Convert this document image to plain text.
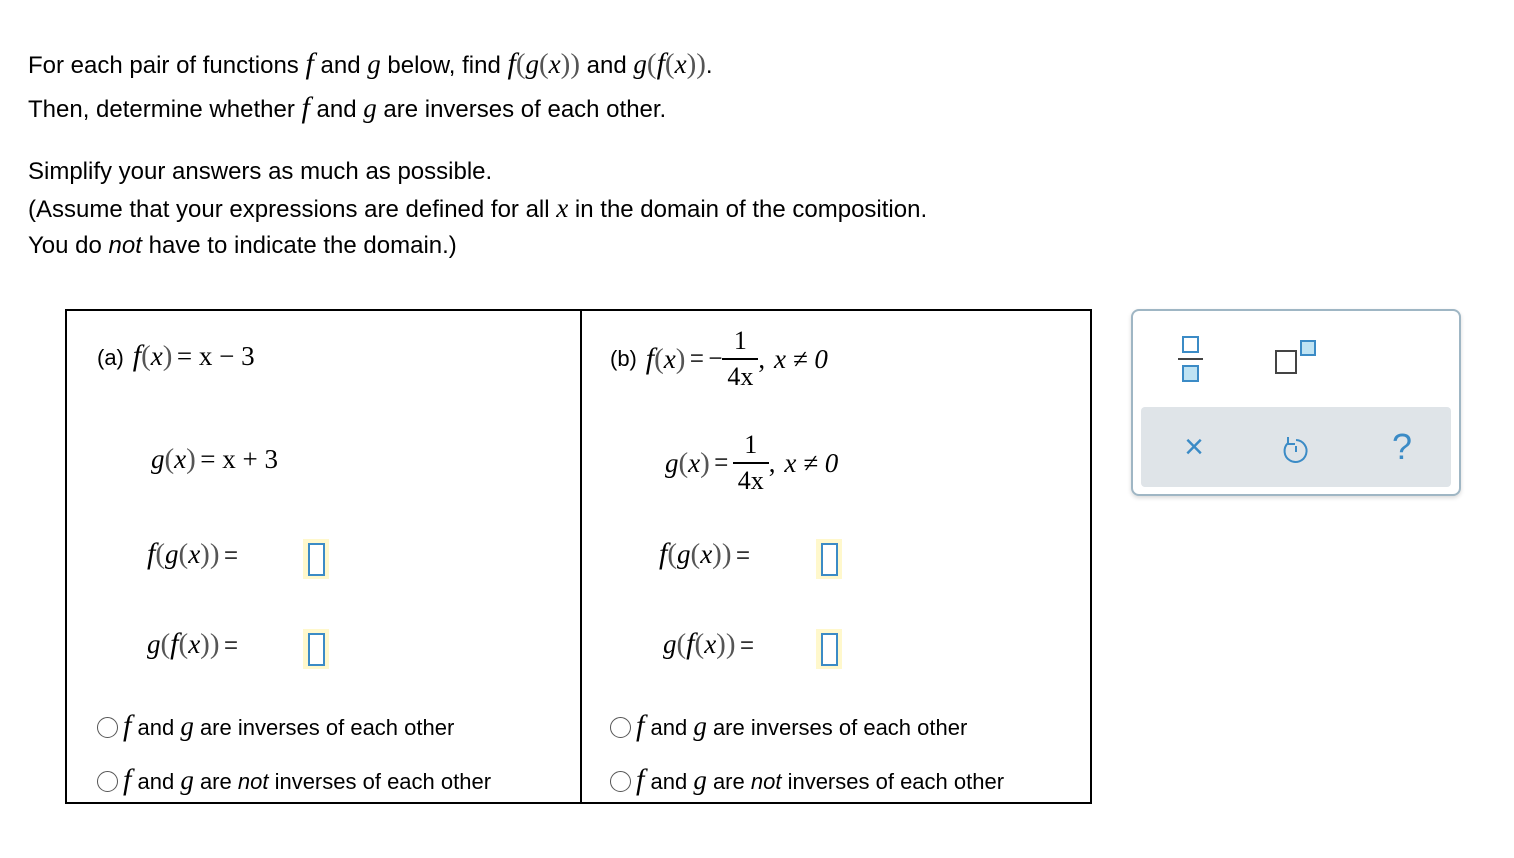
For each pair of functions f and g below, find f(g(x)) and g(f(x)).
Then, determine whether f and g are inverses of each other.
Simplify your answers as much as possible.
(Assume that your expressions are defined for all x in the domain of the composition.
You do not have to indicate the domain.)
(a) f(x) = x − 3
g(x) = x + 3
f(g(x)) =
g(f(x)) =
f and g are inverses of each other
f and g are not inverses of each other
(b)
f ( x )
=
− $\frac{1}{4x}$ ,
x ≠ 0
g ( x )
=
$\frac{1}{4x}$ ,
x ≠ 0
f(g(x)) =
g(f(x)) =
f and g are inverses of each other
f and g are not inverses of each other
×	?
